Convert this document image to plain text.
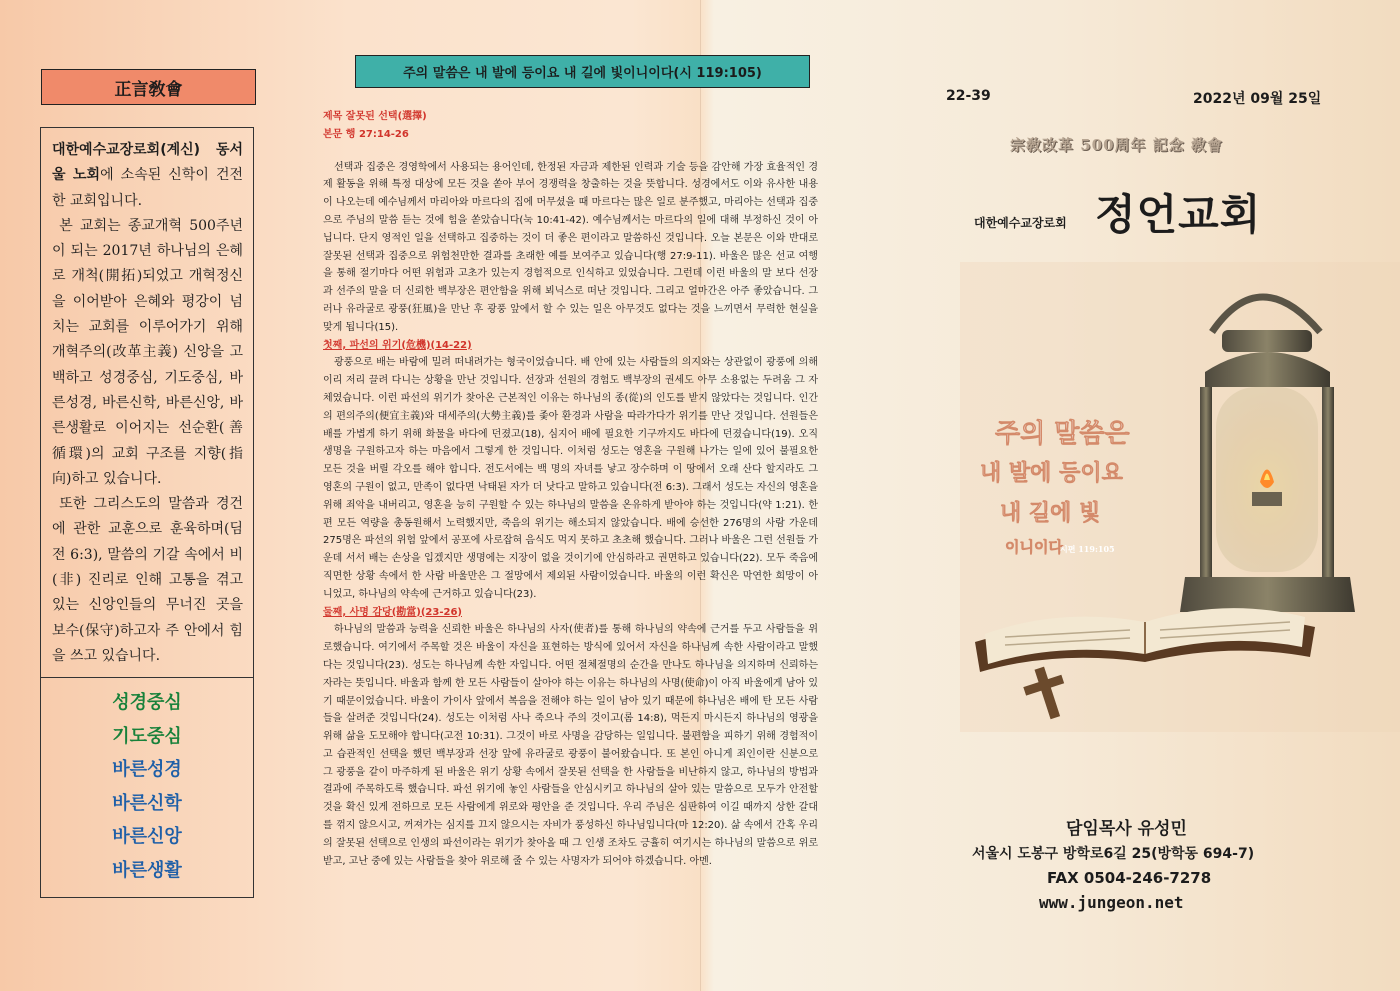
正言敎會

대한예수교장로회(계신) 동서울 노회에 소속된 신학이 건전한 교회입니다.

본 교회는 종교개혁 500주년이 되는 2017년 하나님의 은혜로 개척(開拓)되었고 개혁정신을 이어받아 은혜와 평강이 넘치는 교회를 이루어가기 위해 개혁주의(改革主義) 신앙을 고백하고 성경중심, 기도중심, 바른성경, 바른신학, 바른신앙, 바른생활로 이어지는 선순환(善循環)의 교회 구조를 지향(指向)하고 있습니다.

또한 그리스도의 말씀과 경건에 관한 교훈으로 훈육하며(딤전 6:3), 말씀의 기갈 속에서 비(非) 진리로 인해 고통을 겪고 있는 신앙인들의 무너진 곳을 보수(保守)하고자 주 안에서 힘을 쓰고 있습니다.

성경중심
기도중심
바른성경
바른신학
바른신앙
바른생활
주의 말씀은 내 발에 등이요 내 길에 빛이니이다(시 119:105)
제목 잘못된 선택(選擇)
본문 행 27:14-26

선택과 집중은 경영학에서 사용되는 용어인데, 한정된 자금과 제한된 인력과 기술 등을 감안해 가장 효율적인 경제 활동을 위해 특정 대상에 모든 것을 쏟아 부어 경쟁력을 창출하는 것을 뜻합니다. 성경에서도 이와 유사한 내용이 나오는데 예수님께서 마리아와 마르다의 집에 머무셨을 때 마르다는 많은 일로 분주했고, 마리아는 선택과 집중으로 주님의 말씀 듣는 것에 힘을 쏟았습니다(눅 10:41-42). 예수님께서는 마르다의 일에 대해 부정하신 것이 아닙니다. 단지 영적인 일을 선택하고 집중하는 것이 더 좋은 편이라고 말씀하신 것입니다. 오늘 본문은 이와 반대로 잘못된 선택과 집중으로 위험천만한 결과를 초래한 예를 보여주고 있습니다(행 27:9-11). 바울은 많은 선교 여행을 통해 절기마다 어떤 위험과 고초가 있는지 경험적으로 인식하고 있었습니다. 그런데 이런 바울의 말 보다 선장과 선주의 말을 더 신뢰한 백부장은 편안함을 위해 뵈닉스로 떠난 것입니다. 그리고 얼마간은 아주 좋았습니다. 그러나 유라굴로 광풍(狂風)을 만난 후 광풍 앞에서 할 수 있는 일은 아무것도 없다는 것을 느끼면서 무력한 현실을 맞게 됩니다(15).

첫째, 파선의 위기(危機)(14-22)

광풍으로 배는 바람에 밀려 떠내려가는 형국이었습니다. 배 안에 있는 사람들의 의지와는 상관없이 광풍에 의해 이리 저리 끌려 다니는 상황을 만난 것입니다. 선장과 선원의 경험도 백부장의 권세도 아무 소용없는 두려움 그 자체였습니다. 이런 파선의 위기가 찾아온 근본적인 이유는 하나님의 종(從)의 인도를 받지 않았다는 것입니다. 인간의 편의주의(便宜主義)와 대세주의(大勢主義)를 좇아 환경과 사람을 따라가다가 위기를 만난 것입니다. 선원들은 배를 가볍게 하기 위해 화물을 바다에 던졌고(18), 심지어 배에 필요한 기구까지도 바다에 던졌습니다(19). 오직 생명을 구원하고자 하는 마음에서 그렇게 한 것입니다. 이처럼 성도는 영혼을 구원해 나가는 일에 있어 불필요한 모든 것을 버릴 각오를 해야 합니다. 전도서에는 백 명의 자녀를 낳고 장수하며 이 땅에서 오래 산다 할지라도 그 영혼의 구원이 없고, 만족이 없다면 낙태된 자가 더 낫다고 말하고 있습니다(전 6:3). 그래서 성도는 자신의 영혼을 위해 죄악을 내버리고, 영혼을 능히 구원할 수 있는 하나님의 말씀을 온유하게 받아야 하는 것입니다(약 1:21). 한편 모든 역량을 총동원해서 노력했지만, 죽음의 위기는 해소되지 않았습니다. 배에 승선한 276명의 사람 가운데 275명은 파선의 위험 앞에서 공포에 사로잡혀 음식도 먹지 못하고 초초해 했습니다. 그러나 바울은 그런 선원들 가운데 서서 배는 손상을 입겠지만 생명에는 지장이 없을 것이기에 안심하라고 권면하고 있습니다(22). 모두 죽음에 직면한 상황 속에서 한 사람 바울만은 그 절망에서 제외된 사람이었습니다. 바울의 이런 확신은 막연한 희망이 아니었고, 하나님의 약속에 근거하고 있습니다(23).

둘째, 사명 감당(勘當)(23-26)

하나님의 말씀과 능력을 신뢰한 바울은 하나님의 사자(使者)를 통해 하나님의 약속에 근거를 두고 사람들을 위로했습니다. 여기에서 주목할 것은 바울이 자신을 표현하는 방식에 있어서 자신을 하나님께 속한 사람이라고 말했다는 것입니다(23). 성도는 하나님께 속한 자입니다. 어떤 절체절명의 순간을 만나도 하나님을 의지하며 신뢰하는 자라는 뜻입니다. 바울과 함께 한 모든 사람들이 살아야 하는 이유는 하나님의 사명(使命)이 아직 바울에게 남아 있기 때문이었습니다. 바울이 가이사 앞에서 복음을 전해야 하는 일이 남아 있기 때문에 하나님은 배에 탄 모든 사람들을 살려준 것입니다(24). 성도는 이처럼 사나 죽으나 주의 것이고(롬 14:8), 먹든지 마시든지 하나님의 영광을 위해 삶을 도모해야 합니다(고전 10:31). 그것이 바로 사명을 감당하는 일입니다. 불편함을 피하기 위해 경험적이고 습관적인 선택을 했던 백부장과 선장 앞에 유라굴로 광풍이 불어왔습니다. 또 본인 아니게 죄인이란 신분으로 그 광풍을 같이 마주하게 된 바울은 위기 상황 속에서 잘못된 선택을 한 사람들을 비난하지 않고, 하나님의 방법과 결과에 주목하도록 했습니다. 파선 위기에 놓인 사람들을 안심시키고 하나님의 살아 있는 말씀으로 모두가 안전할 것을 확신 있게 전하므로 모든 사람에게 위로와 평안을 준 것입니다. 우리 주님은 심판하여 이길 때까지 상한 갈대를 꺾지 않으시고, 꺼져가는 심지를 끄지 않으시는 자비가 풍성하신 하나님입니다(마 12:20). 삶 속에서 간혹 우리의 잘못된 선택으로 인생의 파선이라는 위기가 찾아올 때 그 인생 조차도 긍휼히 여기시는 하나님의 말씀으로 위로 받고, 고난 중에 있는 사람들을 찾아 위로해 줄 수 있는 사명자가 되어야 하겠습니다. 아멘.

22-39	2022년 09월 25일
宗敎改革 500周年 記念 敎會
대한예수교장로회 정언교회
주의 말씀은
내 발에 등이요
내 길에 빛
이니이다
시편 119:105
담임목사 유성민
서울시 도봉구 방학로6길 25(방학동 694-7)
FAX 0504-246-7278
www.jungeon.net
